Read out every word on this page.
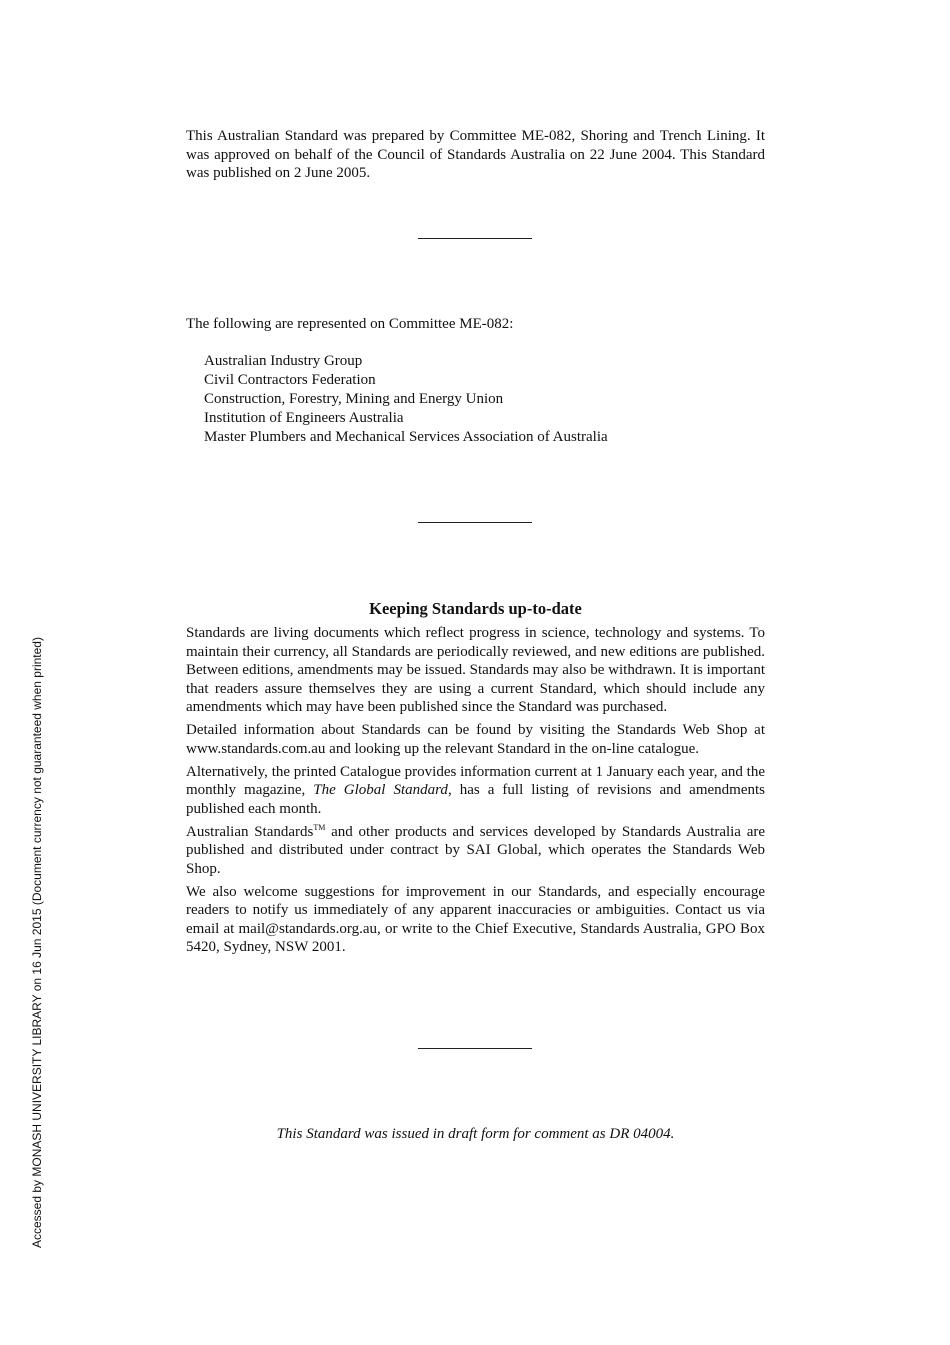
This Australian Standard was prepared by Committee ME-082, Shoring and Trench Lining. It was approved on behalf of the Council of Standards Australia on 22 June 2004. This Standard was published on 2 June 2005.

The following are represented on Committee ME-082:

Australian Industry Group
Civil Contractors Federation
Construction, Forestry, Mining and Energy Union
Institution of Engineers Australia
Master Plumbers and Mechanical Services Association of Australia
Keeping Standards up-to-date

Standards are living documents which reflect progress in science, technology and systems. To maintain their currency, all Standards are periodically reviewed, and new editions are published. Between editions, amendments may be issued. Standards may also be withdrawn. It is important that readers assure themselves they are using a current Standard, which should include any amendments which may have been published since the Standard was purchased.

Detailed information about Standards can be found by visiting the Standards Web Shop at www.standards.com.au and looking up the relevant Standard in the on-line catalogue.

Alternatively, the printed Catalogue provides information current at 1 January each year, and the monthly magazine, The Global Standard, has a full listing of revisions and amendments published each month.

Australian Standards™ and other products and services developed by Standards Australia are published and distributed under contract by SAI Global, which operates the Standards Web Shop.

We also welcome suggestions for improvement in our Standards, and especially encourage readers to notify us immediately of any apparent inaccuracies or ambiguities. Contact us via email at mail@standards.org.au, or write to the Chief Executive, Standards Australia, GPO Box 5420, Sydney, NSW 2001.

This Standard was issued in draft form for comment as DR 04004.
Accessed by MONASH UNIVERSITY LIBRARY on 16 Jun 2015 (Document currency not guaranteed when printed)
